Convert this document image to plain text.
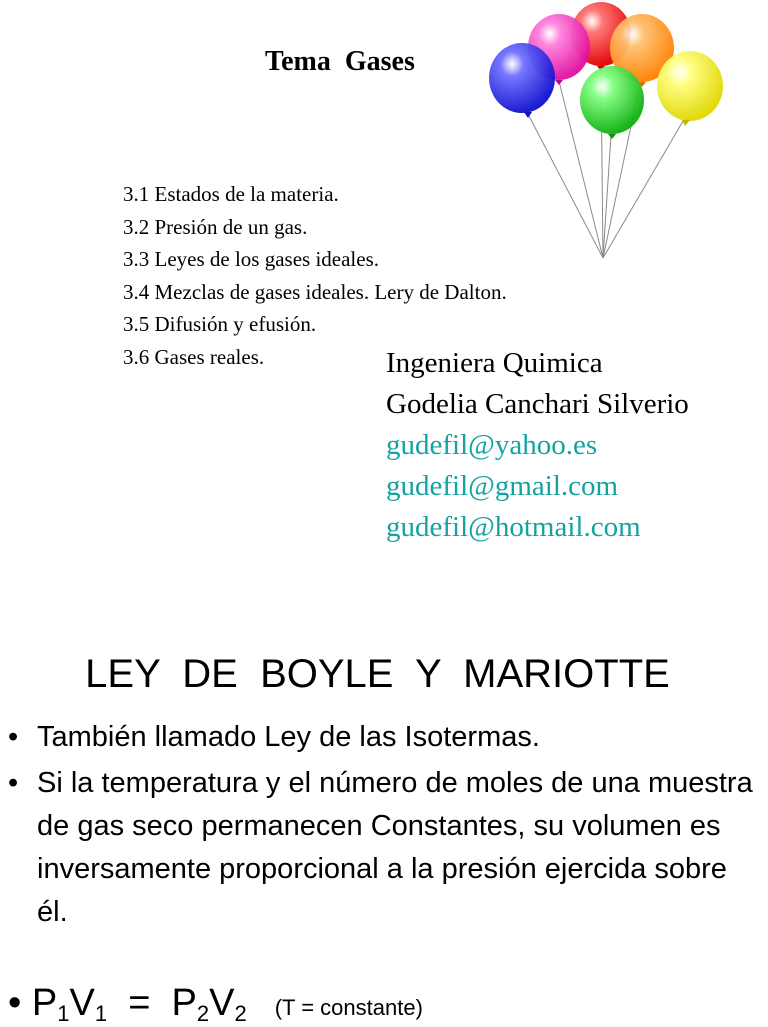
Tema  Gases
3.1 Estados de la materia.
3.2 Presión de un gas.
3.3 Leyes de los gases ideales.
3.4 Mezclas de gases ideales. Lery de Dalton.
3.5 Difusión y efusión.
3.6 Gases reales.	Ingeniera Quimica
Godelia Canchari Silverio
gudefil@yahoo.es
gudefil@gmail.com
gudefil@hotmail.com
LEY  DE  BOYLE  Y  MARIOTTE
• También llamado Ley de las Isotermas.
• Si la temperatura y el número de moles de una muestra de gas seco permanecen Constantes, su volumen es inversamente proporcional a la presión ejercida sobre él.
• $P_1V_1 = P_2V_2$ (T = constante)
